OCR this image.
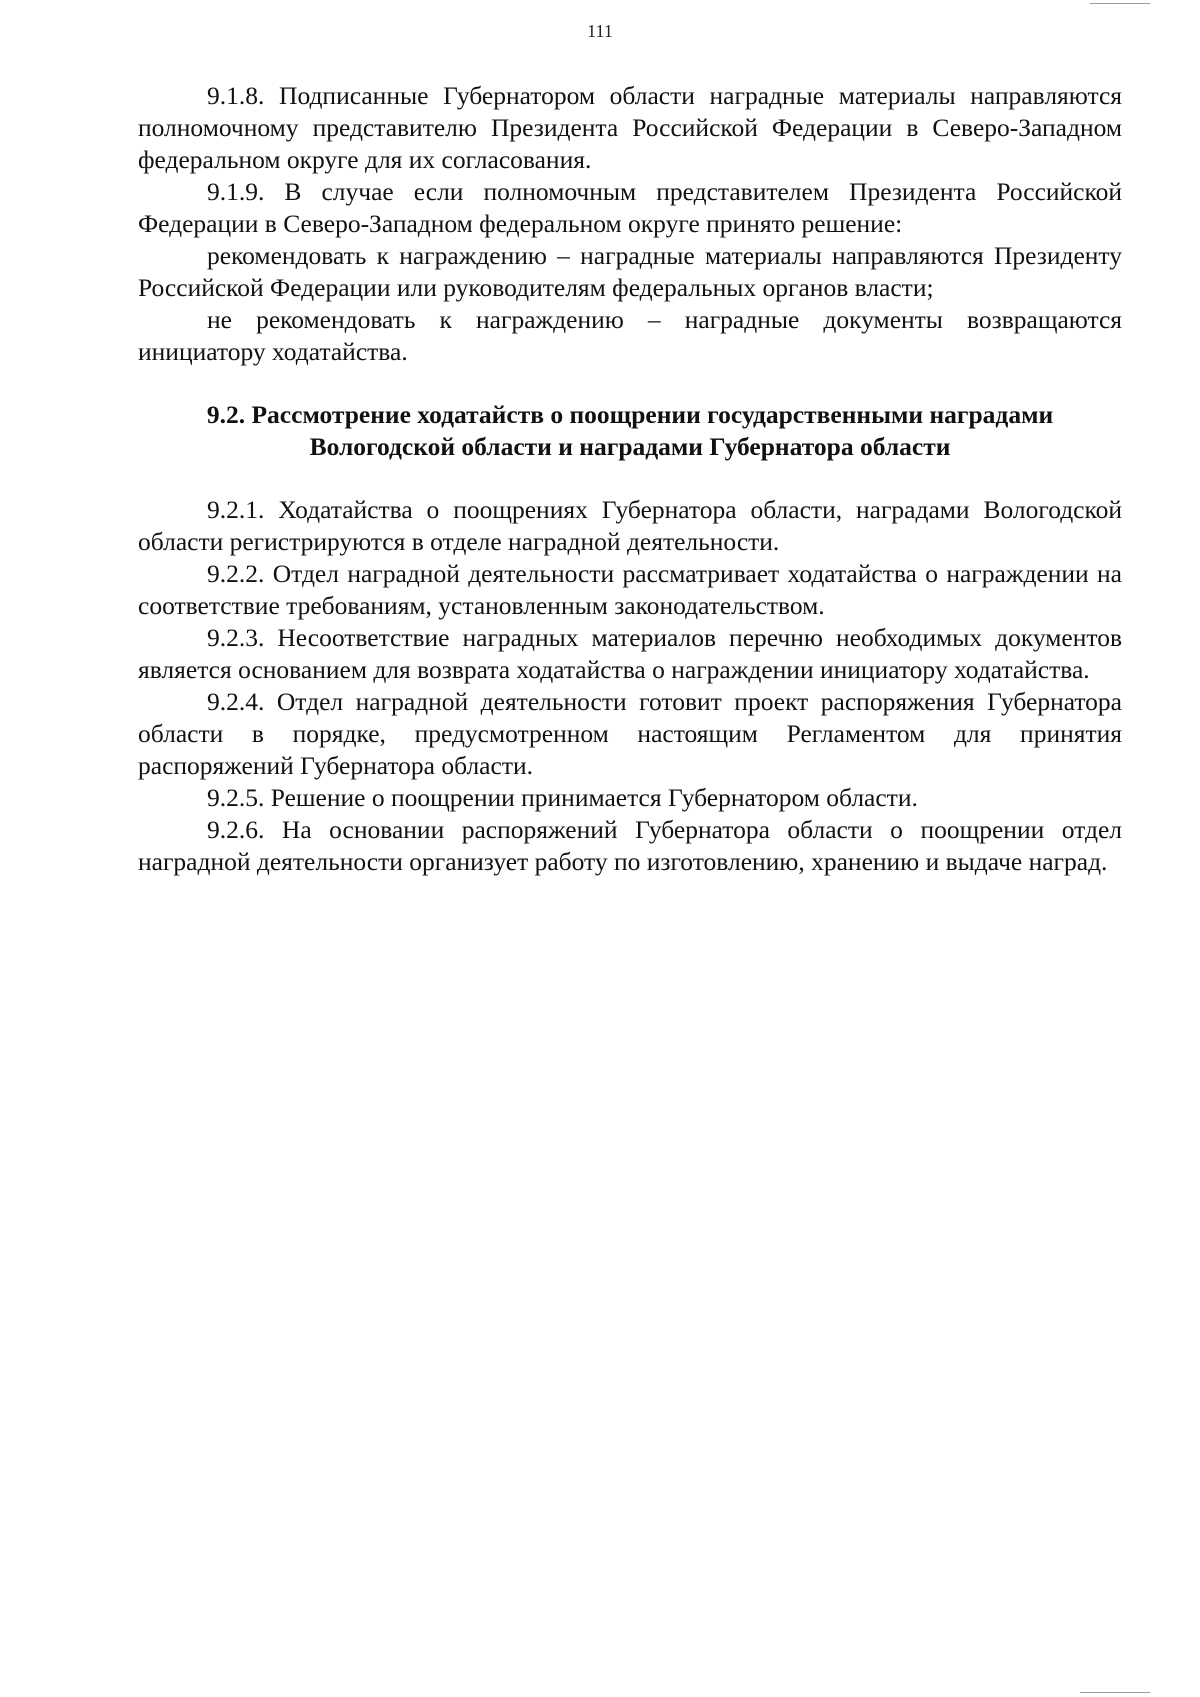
111

9.1.8. Подписанные Губернатором области наградные материалы направляются полномочному представителю Президента Российской Федерации в Северо-Западном федеральном округе для их согласования.

9.1.9. В случае если полномочным представителем Президента Российской Федерации в Северо-Западном федеральном округе принято решение:

рекомендовать к награждению – наградные материалы направляются Президенту Российской Федерации или руководителям федеральных органов власти;

не рекомендовать к награждению – наградные документы возвращаются инициатору ходатайства.

9.2. Рассмотрение ходатайств о поощрении государственными наградами
Вологодской области и наградами Губернатора области

9.2.1. Ходатайства о поощрениях Губернатора области, наградами Вологодской области регистрируются в отделе наградной деятельности.

9.2.2. Отдел наградной деятельности рассматривает ходатайства о награждении на соответствие требованиям, установленным законодательством.

9.2.3. Несоответствие наградных материалов перечню необходимых документов является основанием для возврата ходатайства о награждении инициатору ходатайства.

9.2.4. Отдел наградной деятельности готовит проект распоряжения Губернатора области в порядке, предусмотренном настоящим Регламентом для принятия распоряжений Губернатора области.

9.2.5. Решение о поощрении принимается Губернатором области.

9.2.6. На основании распоряжений Губернатора области о поощрении отдел наградной деятельности организует работу по изготовлению, хранению и выдаче наград.
